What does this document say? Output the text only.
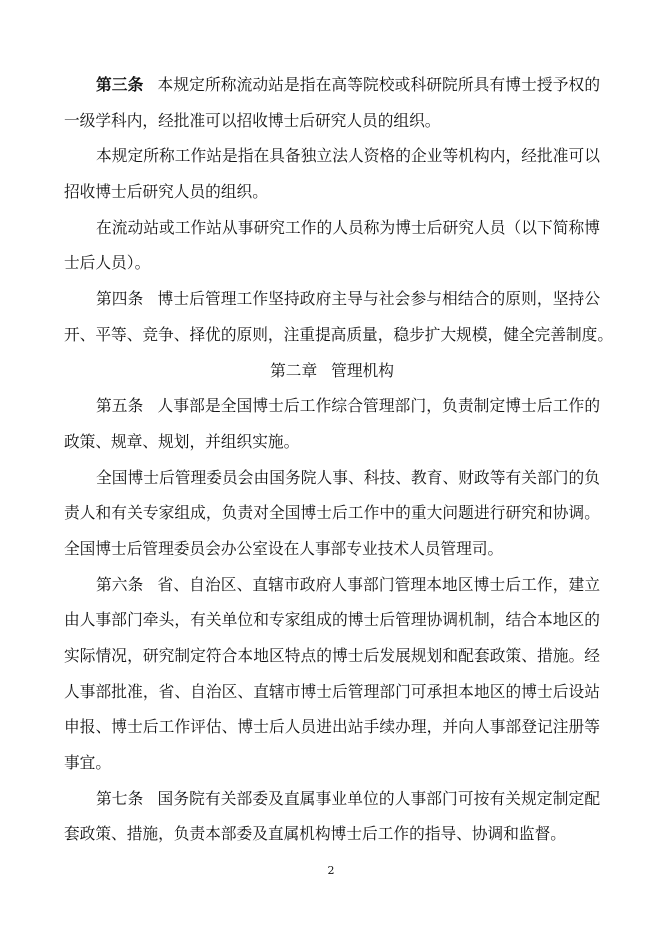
第三条 本规定所称流动站是指在高等院校或科研院所具有博士授予权的
一级学科内，经批准可以招收博士后研究人员的组织。
本规定所称工作站是指在具备独立法人资格的企业等机构内，经批准可以
招收博士后研究人员的组织。
在流动站或工作站从事研究工作的人员称为博士后研究人员（以下简称博
士后人员）。
第四条 博士后管理工作坚持政府主导与社会参与相结合的原则，坚持公
开、平等、竞争、择优的原则，注重提高质量，稳步扩大规模，健全完善制度。
第二章 管理机构
第五条 人事部是全国博士后工作综合管理部门，负责制定博士后工作的
政策、规章、规划，并组织实施。
全国博士后管理委员会由国务院人事、科技、教育、财政等有关部门的负
责人和有关专家组成，负责对全国博士后工作中的重大问题进行研究和协调。
全国博士后管理委员会办公室设在人事部专业技术人员管理司。
第六条 省、自治区、直辖市政府人事部门管理本地区博士后工作，建立
由人事部门牵头，有关单位和专家组成的博士后管理协调机制，结合本地区的
实际情况，研究制定符合本地区特点的博士后发展规划和配套政策、措施。经
人事部批准，省、自治区、直辖市博士后管理部门可承担本地区的博士后设站
申报、博士后工作评估、博士后人员进出站手续办理，并向人事部登记注册等
事宜。
第七条 国务院有关部委及直属事业单位的人事部门可按有关规定制定配
套政策、措施，负责本部委及直属机构博士后工作的指导、协调和监督。
2
